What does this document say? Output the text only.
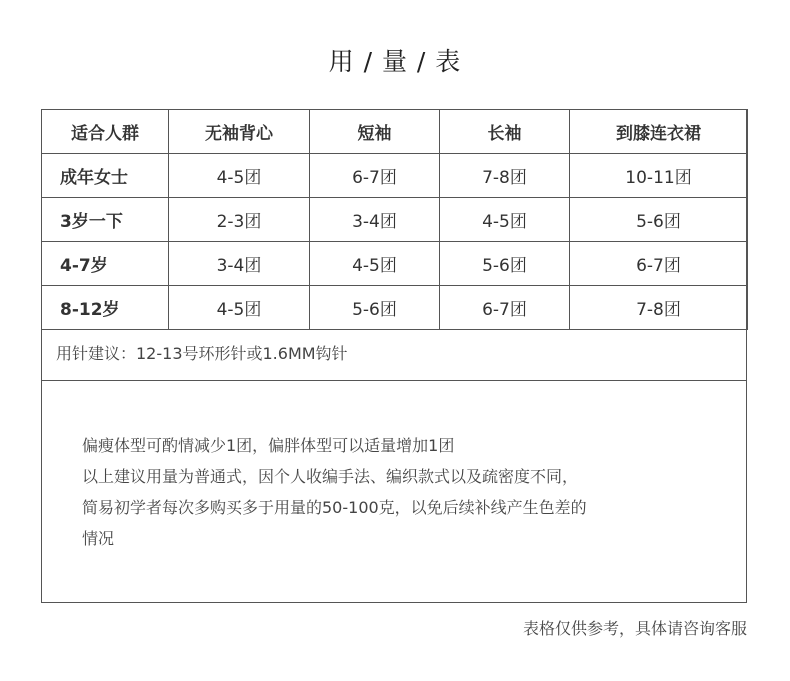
用 / 量 / 表
适合人群	无袖背心	短袖	长袖	到膝连衣裙
成年女士	4-5团	6-7团	7-8团	10-11团
3岁一下	2-3团	3-4团	4-5团	5-6团
4-7岁	3-4团	4-5团	5-6团	6-7团
8-12岁	4-5团	5-6团	6-7团	7-8团
用针建议：12-13号环形针或1.6MM钩针
偏瘦体型可酌情减少1团，偏胖体型可以适量增加1团
以上建议用量为普通式，因个人收编手法、编织款式以及疏密度不同，
简易初学者每次多购买多于用量的50-100克，以免后续补线产生色差的
情况
表格仅供参考，具体请咨询客服
